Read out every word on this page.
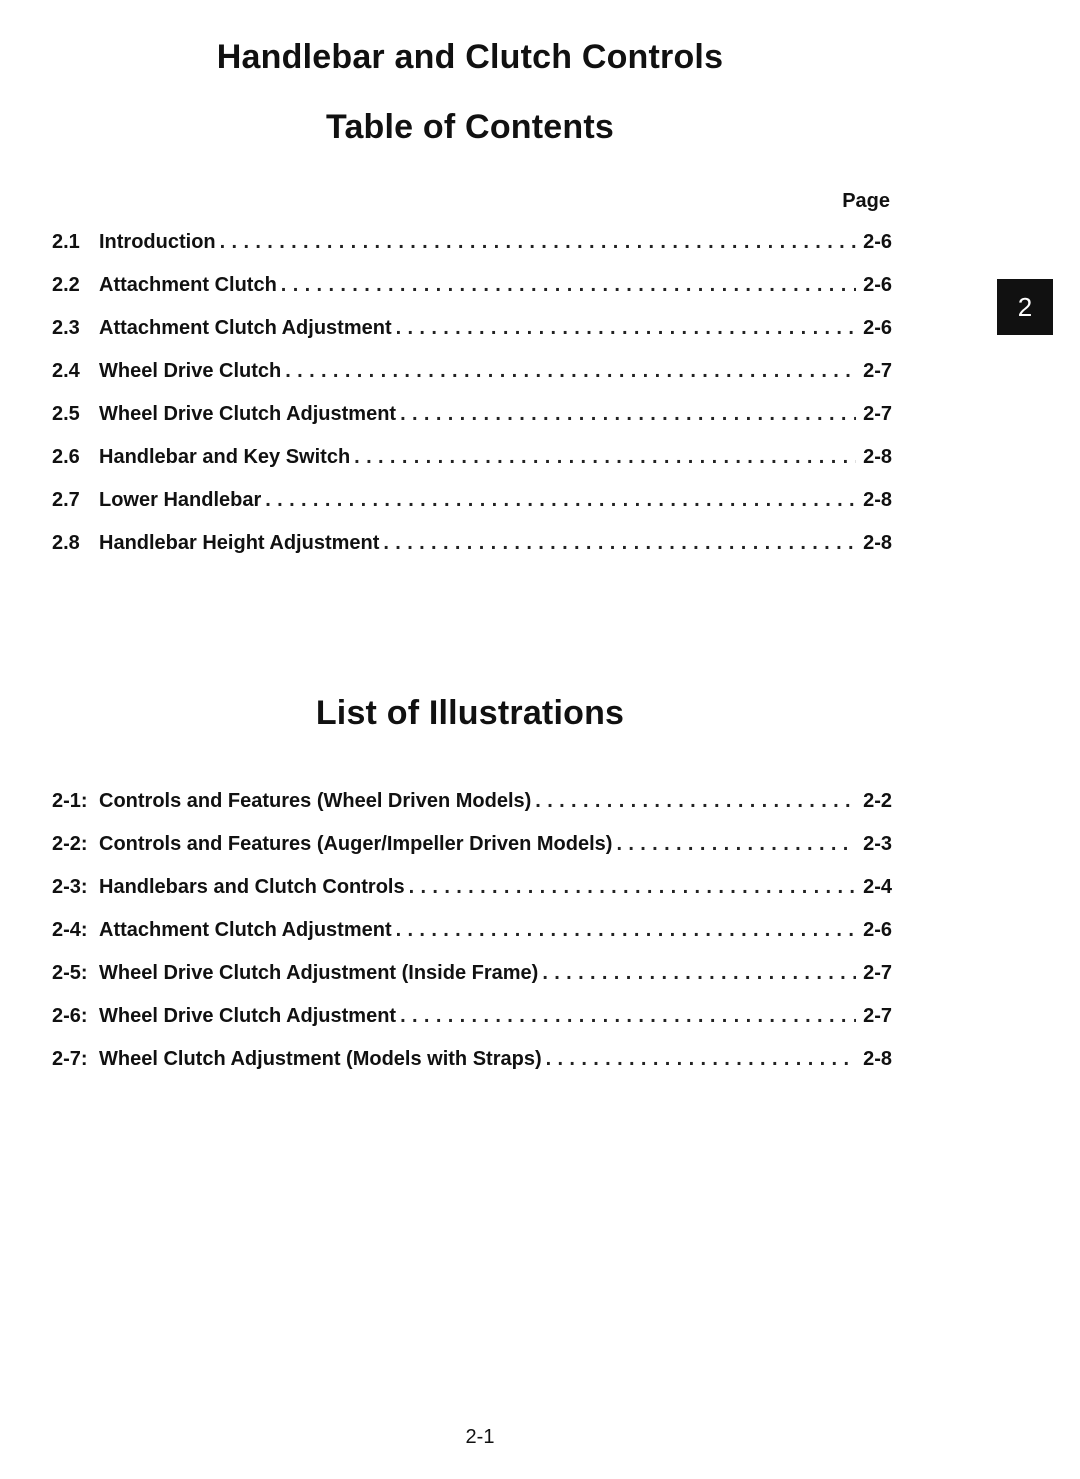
Handlebar and Clutch Controls
Table of Contents
Page
2
2.1 Introduction . . .	2-6
2.2 Attachment Clutch . . .	2-6
2.3 Attachment Clutch Adjustment . . .	2-6
2.4 Wheel Drive Clutch . . .	2-7
2.5 Wheel Drive Clutch Adjustment . . .	2-7
2.6 Handlebar and Key Switch . . .	2-8
2.7 Lower Handlebar . . .	2-8
2.8 Handlebar Height Adjustment . . .	2-8
List of Illustrations
2-1: Controls and Features (Wheel Driven Models) . . .	2-2
2-2: Controls and Features (Auger/Impeller Driven Models) . . .	2-3
2-3: Handlebars and Clutch Controls . . .	2-4
2-4: Attachment Clutch Adjustment . . .	2-6
2-5: Wheel Drive Clutch Adjustment (Inside Frame) . . .	2-7
2-6: Wheel Drive Clutch Adjustment . . .	2-7
2-7: Wheel Clutch Adjustment (Models with Straps) . . .	2-8
2-1
